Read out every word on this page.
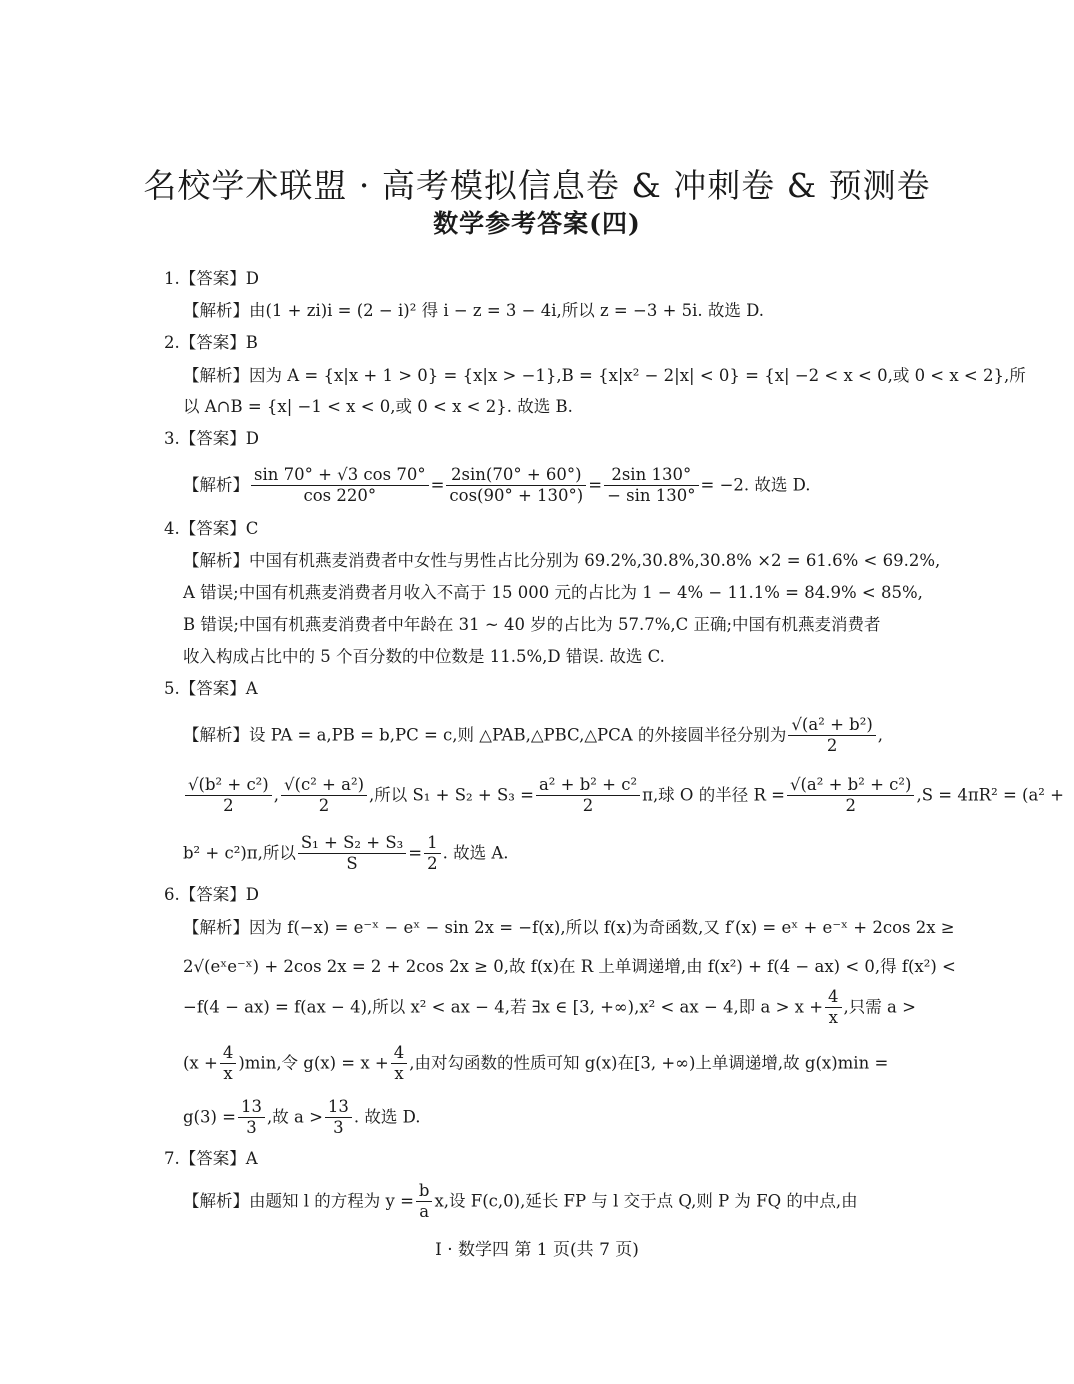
名校学术联盟 · 高考模拟信息卷 & 冲刺卷 & 预测卷
数学参考答案(四)
1.【答案】D
【解析】由(1 + zi)i = (2 − i)² 得 i − z = 3 − 4i,所以 z = −3 + 5i. 故选 D.
2.【答案】B
【解析】因为 A = {x|x + 1 > 0} = {x|x > −1},B = {x|x² − 2|x| < 0} = {x| −2 < x < 0,或 0 < x < 2},所
以 A∩B = {x| −1 < x < 0,或 0 < x < 2}. 故选 B.
3.【答案】D
【解析】 $\frac{\sin 70^\circ + √3 \cos 70^\circ}{\cos 220^\circ} = \frac{2\sin(70^\circ + 60^\circ)}{\cos(90^\circ + 130^\circ)} = \frac{2\sin 130^\circ}{- \sin 130^\circ} = -2$. 故选 D.
4.【答案】C
【解析】中国有机燕麦消费者中女性与男性占比分别为 69.2%,30.8%,30.8% ×2 = 61.6% < 69.2%,
A 错误;中国有机燕麦消费者月收入不高于 15 000 元的占比为 1 − 4% − 11.1% = 84.9% < 85%,
B 错误;中国有机燕麦消费者中年龄在 31 ~ 40 岁的占比为 57.7%,C 正确;中国有机燕麦消费者
收入构成占比中的 5 个百分数的中位数是 11.5%,D 错误. 故选 C.
5.【答案】A
【解析】设 PA = a,PB = b,PC = c,则 △PAB,△PBC,△PCA 的外接圆半径分别为 $\frac{\text{√(a² + b²)}}{2}$ ,
$\frac{\text{√(b² + c²)}}{2}$ , $\frac{\text{√(c² + a²)}}{2}$ ,所以 $S_1 + S_2 + S_3 = \frac{\text{a² + b² + c²}}{2} \pi$,球 O 的半径 $R = \frac{\text{√(a² + b² + c²)}}{2} ,S = 4\pi R^2 = (a^2$ +
b² + c²)π,所以 $\frac{\text{S₁ + S₂ + S₃}}{S} = \frac{1}{2}$ . 故选 A.
6.【答案】D
【解析】因为 f(−x) = e⁻ˣ − eˣ − sin 2x = −f(x),所以 f(x)为奇函数,又 f′(x) = eˣ + e⁻ˣ + 2cos 2x ≥
2√(eˣe⁻ˣ) + 2cos 2x = 2 + 2cos 2x ≥ 0,故 f(x)在 R 上单调递增,由 f(x²) + f(4 − ax) < 0,得 f(x²) <
−f(4 − ax) = f(ax − 4),所以 x² < ax − 4,若 ∃x ∈ [3, +∞),x² < ax − 4,即 $a > x + \frac{4}{x}$ ,只需 a >
$(x + \frac{4}{x} )\min$,令 $g(x) = x + \frac{4}{x}$ ,由对勾函数的性质可知 g(x)在[3, +∞)上单调递增,故 g(x)min =
$g(3) = \frac{13}{3}$ ,故 $a > \frac{13}{3}$ . 故选 D.
7.【答案】A
【解析】由题知 l 的方程为 $y = \frac{b}{a} x$,设 F(c,0),延长 FP 与 l 交于点 Q,则 P 为 FQ 的中点,由
Ⅰ · 数学四 第 1 页(共 7 页)
